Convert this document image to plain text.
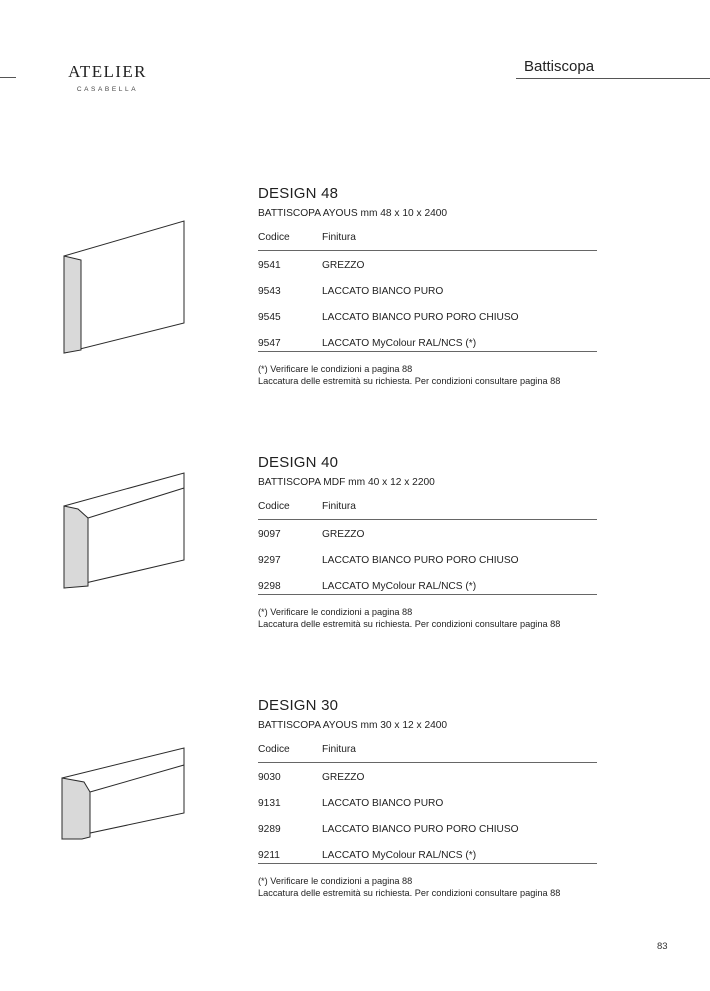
ATELIER
CASABELLA
Battiscopa
DESIGN 48
BATTISCOPA AYOUS mm 48 x 10 x 2400
Codice	Finitura
9541	GREZZO
9543	LACCATO BIANCO PURO
9545	LACCATO BIANCO PURO PORO CHIUSO
9547	LACCATO MyColour RAL/NCS (*)
(*) Verificare le condizioni a pagina 88
Laccatura delle estremità su richiesta. Per condizioni consultare pagina 88
DESIGN 40
BATTISCOPA MDF mm 40 x 12 x 2200
Codice	Finitura
9097	GREZZO
9297	LACCATO BIANCO PURO PORO CHIUSO
9298	LACCATO MyColour RAL/NCS (*)
(*) Verificare le condizioni a pagina 88
Laccatura delle estremità su richiesta. Per condizioni consultare pagina 88
DESIGN 30
BATTISCOPA AYOUS mm 30 x 12 x 2400
Codice	Finitura
9030	GREZZO
9131	LACCATO BIANCO PURO
9289	LACCATO BIANCO PURO PORO CHIUSO
9211	LACCATO MyColour RAL/NCS (*)
(*) Verificare le condizioni a pagina 88
Laccatura delle estremità su richiesta. Per condizioni consultare pagina 88
83
